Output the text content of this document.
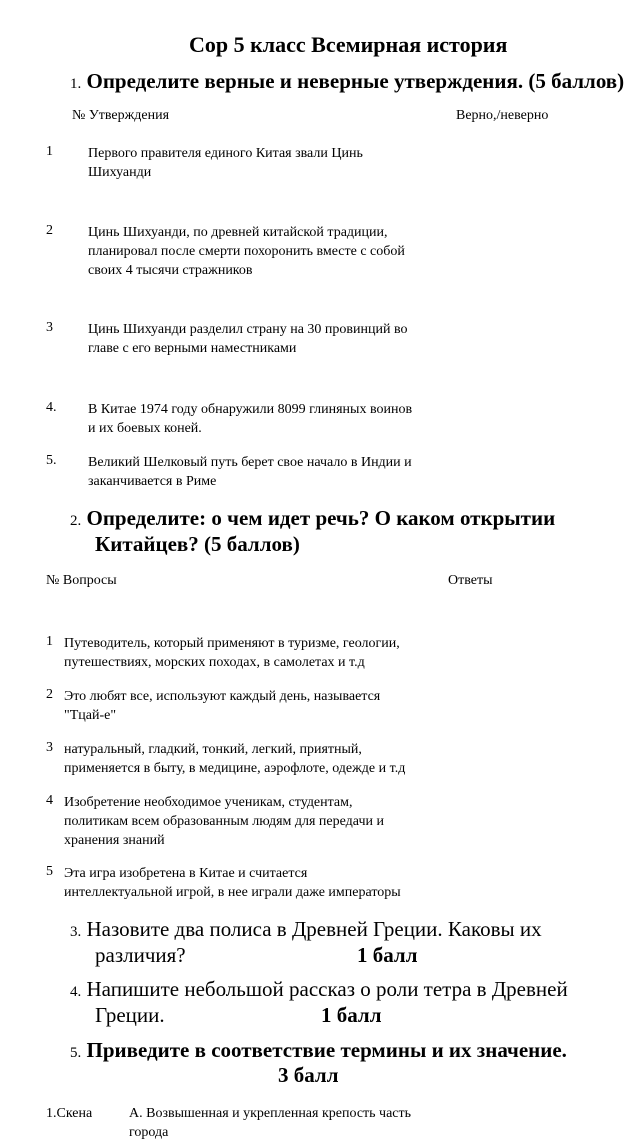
Сор 5 класс Всемирная история
1. Определите верные и неверные утверждения. (5 баллов)
№ Утверждения	Верно,/неверно
1	Первого правителя единого Китая звали Цинь
Шихуанди
2	Цинь Шихуанди, по древней китайской традиции,
планировал после смерти похоронить вместе с собой
своих 4 тысячи стражников
3	Цинь Шихуанди разделил страну на 30 провинций во
главе с его верными наместниками
4. В Китае 1974 году обнаружили 8099 глиняных воинов
и их боевых коней.
5. Великий Шелковый путь берет свое начало в Индии и
заканчивается в Риме
2. Определите: о чем идет речь? О каком открытии
Китайцев? (5 баллов)
№ Вопросы	Ответы
1 Путеводитель, который применяют в туризме, геологии,
путешествиях, морских походах, в самолетах и т.д
2 Это любят все, используют каждый день, называется
"Тцай-е"
3 натуральный, гладкий, тонкий, легкий, приятный,
применяется в быту, в медицине, аэрофлоте, одежде и т.д
4 Изобретение необходимое ученикам, студентам,
политикам всем образованным людям для передачи и
хранения знаний
5 Эта игра изобретена в Китае и считается
интеллектуальной игрой, в нее играли даже императоры
3. Назовите два полиса в Древней Греции. Каковы их
различия?	1 балл
4. Напишите небольшой рассказ о роли тетра в Древней
Греции.	1 балл
5. Приведите в соответствие термины и их значение.
3 балл
1.Скена	А. Возвышенная и укрепленная крепость часть
города
